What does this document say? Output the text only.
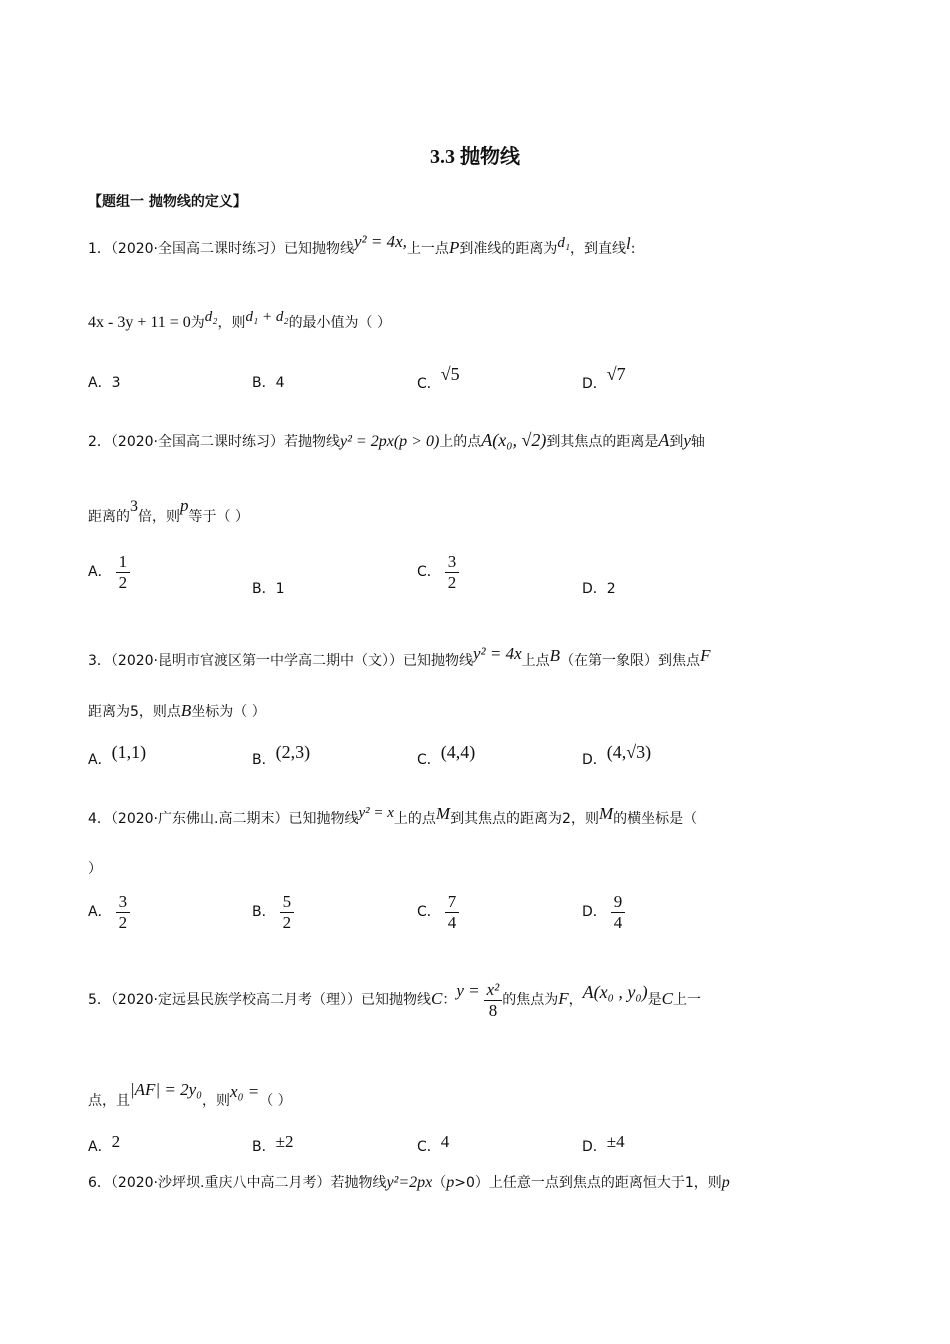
3.3 抛物线
【题组一 抛物线的定义】
1．（2020·全国高二课时练习）已知抛物线y² = 4x,上一点P到准线的距离为d₁，到直线l:
4x - 3y + 11 = 0为d₂，则d₁ + d₂的最小值为（ ）
A．3	B．4	C．√5	D．√7
2．（2020·全国高二课时练习）若抛物线y² = 2px(p > 0)上的点A(x₀, √2)到其焦点的距离是A到y轴
距离的3倍，则p等于（ ）
A． $\frac{1}{2}$	B．1
C． $\frac{3}{2}$	D．2
3．（2020·昆明市官渡区第一中学高二期中（文））已知抛物线y² = 4x上点B（在第一象限）到焦点F
距离为5，则点B坐标为（ ）
A．(1,1)	B．(2,3)	C．(4,4)	D．(4,√3)
4．（2020·广东佛山.高二期末）已知抛物线y² = x上的点M到其焦点的距离为2，则M的横坐标是（
）
A． $\frac{3}{2}$	B． $\frac{5}{2}$	C． $\frac{7}{4}$	D． $\frac{9}{4}$
5．（2020·定远县民族学校高二月考（理））已知抛物线C：$y = \frac{\text{x²}}{8}$ 的焦点为F，A(x₀ , y₀)是C上一
点，且|AF| = 2y₀，则x₀ =（ ）
A．2	B．±2	C．4	D．±4
6．（2020·沙坪坝.重庆八中高二月考）若抛物线y²=2px（p>0）上任意一点到焦点的距离恒大于1，则p
